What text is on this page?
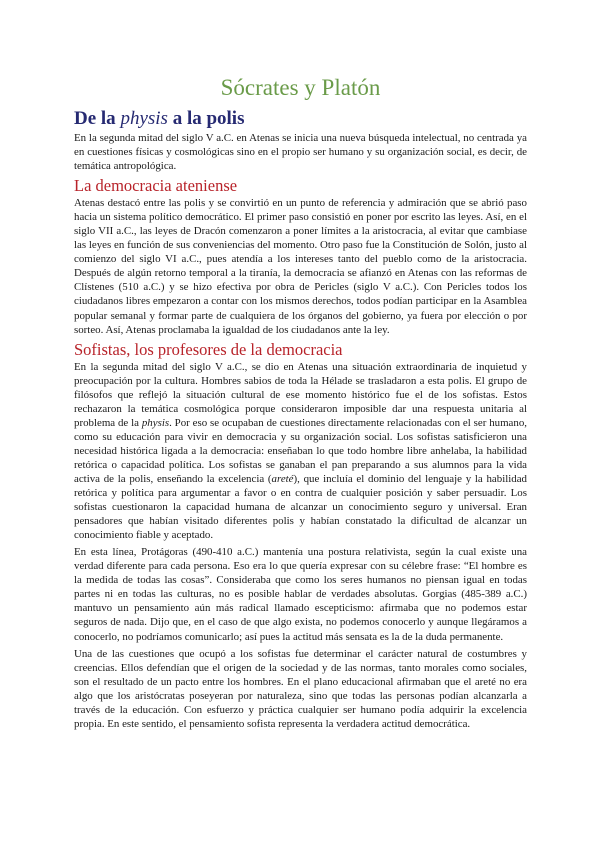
Sócrates y Platón
De la physis a la polis

En la segunda mitad del siglo V a.C. en Atenas se inicia una nueva búsqueda intelectual, no centrada ya en cuestiones físicas y cosmológicas sino en el propio ser humano y su organización social, es decir, de temática antropológica.

La democracia ateniense

Atenas destacó entre las polis y se convirtió en un punto de referencia y admiración que se abrió paso hacia un sistema político democrático. El primer paso consistió en poner por escrito las leyes. Así, en el siglo VII a.C., las leyes de Dracón comenzaron a poner límites a la aristocracia, al evitar que cambiase las leyes en función de sus conveniencias del momento. Otro paso fue la Constitución de Solón, justo al comienzo del siglo VI a.C., pues atendía a los intereses tanto del pueblo como de la aristocracia. Después de algún retorno temporal a la tiranía, la democracia se afianzó en Atenas con las reformas de Clístenes (510 a.C.) y se hizo efectiva por obra de Pericles (siglo V a.C.). Con Pericles todos los ciudadanos libres empezaron a contar con los mismos derechos, todos podían participar en la Asamblea popular semanal y formar parte de cualquiera de los órganos del gobierno, ya fuera por elección o por sorteo. Así, Atenas proclamaba la igualdad de los ciudadanos ante la ley.

Sofistas, los profesores de la democracia

En la segunda mitad del siglo V a.C., se dio en Atenas una situación extraordinaria de inquietud y preocupación por la cultura. Hombres sabios de toda la Hélade se trasladaron a esta polis. El grupo de filósofos que reflejó la situación cultural de ese momento histórico fue el de los sofistas. Estos rechazaron la temática cosmológica porque consideraron imposible dar una respuesta unitaria al problema de la physis. Por eso se ocupaban de cuestiones directamente relacionadas con el ser humano, como su educación para vivir en democracia y su organización social. Los sofistas satisficieron una necesidad histórica ligada a la democracia: enseñaban lo que todo hombre libre anhelaba, la habilidad retórica o capacidad política. Los sofistas se ganaban el pan preparando a sus alumnos para la vida activa de la polis, enseñando la excelencia (areté), que incluía el dominio del lenguaje y la habilidad retórica y política para argumentar a favor o en contra de cualquier posición y saber persuadir. Los sofistas cuestionaron la capacidad humana de alcanzar un conocimiento seguro y universal. Eran pensadores que habían visitado diferentes polis y habían constatado la dificultad de alcanzar un conocimiento fiable y aceptado.

En esta línea, Protágoras (490-410 a.C.) mantenía una postura relativista, según la cual existe una verdad diferente para cada persona. Eso era lo que quería expresar con su célebre frase: “El hombre es la medida de todas las cosas”. Consideraba que como los seres humanos no piensan igual en todas partes ni en todas las culturas, no es posible hablar de verdades absolutas. Gorgias (485-389 a.C.) mantuvo un pensamiento aún más radical llamado escepticismo: afirmaba que no podemos estar seguros de nada. Dijo que, en el caso de que algo exista, no podemos conocerlo y aunque llegáramos a conocerlo, no podríamos comunicarlo; así pues la actitud más sensata es la de la duda permanente.

Una de las cuestiones que ocupó a los sofistas fue determinar el carácter natural de costumbres y creencias. Ellos defendían que el origen de la sociedad y de las normas, tanto morales como sociales, son el resultado de un pacto entre los hombres. En el plano educacional afirmaban que el areté no era algo que los aristócratas poseyeran por naturaleza, sino que todas las personas podían alcanzarla a través de la educación. Con esfuerzo y práctica cualquier ser humano podía adquirir la excelencia propia. En este sentido, el pensamiento sofista representa la verdadera actitud democrática.
